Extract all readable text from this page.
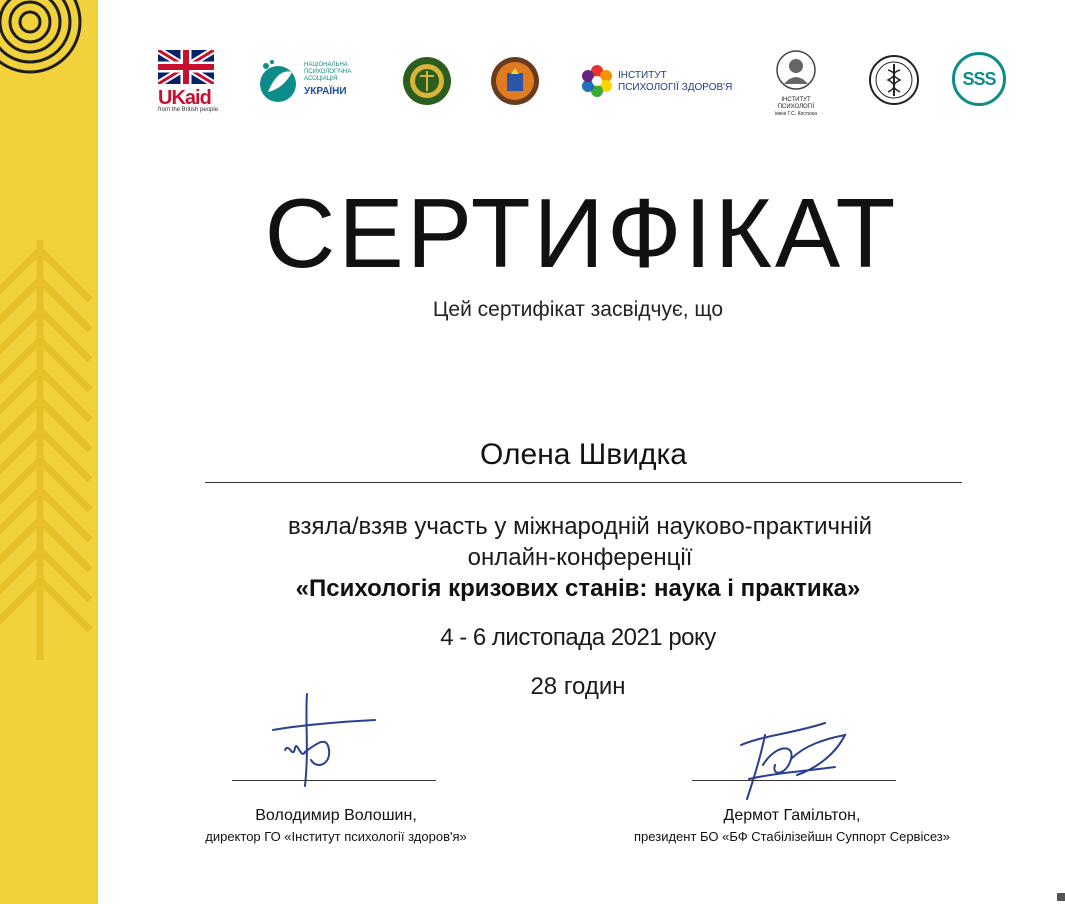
UKaid
from the British people
НАЦІОНАЛЬНА ПСИХОЛОГІЧНА АСОЦІАЦІЯ
УКРАЇНИ
ІНСТИТУТ
ПСИХОЛОГІЇ ЗДОРОВ'Я
ІНСТИТУТ
ПСИХОЛОГІЇ
імені Г.С. Костюка
SSS
СЕРТИФІКАТ
Цей сертифікат засвідчує, що
Олена Швидка
взяла/взяв участь у міжнародній науково-практичній
онлайн-конференції
«Психологія кризових станів: наука і практика»
4 - 6 листопада 2021 року
28 годин
Володимир Волошин,
директор ГО «Інститут психології здоров'я»
Дермот Гамільтон,
президент БО «БФ Стабілізейшн Суппорт Сервісез»
